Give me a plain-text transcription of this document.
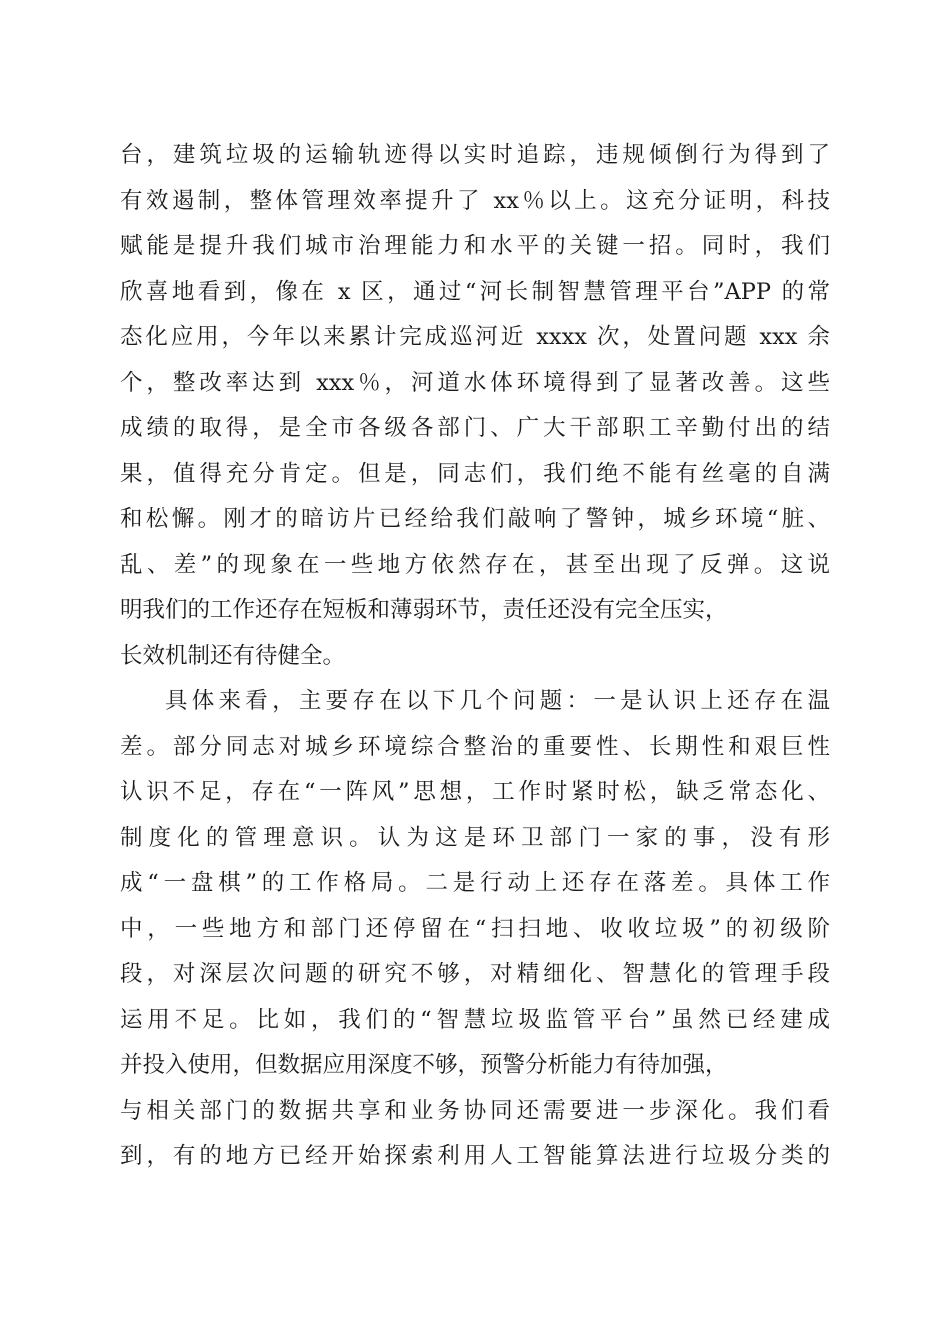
台，建筑垃圾的运输轨迹得以实时追踪，违规倾倒行为得到了
有效遏制，整体管理效率提升了 xx％以上。这充分证明，科技
赋能是提升我们城市治理能力和水平的关键一招。同时，我们
欣喜地看到，像在 x 区，通过“河长制智慧管理平台”APP 的常
态化应用，今年以来累计完成巡河近 xxxx 次，处置问题 xxx 余
个，整改率达到 xxx％，河道水体环境得到了显著改善。这些
成绩的取得，是全市各级各部门、广大干部职工辛勤付出的结
果，值得充分肯定。但是，同志们，我们绝不能有丝毫的自满
和松懈。刚才的暗访片已经给我们敲响了警钟，城乡环境“脏、
乱、差”的现象在一些地方依然存在，甚至出现了反弹。这说
明我们的工作还存在短板和薄弱环节，责任还没有完全压实，
长效机制还有待健全。
具体来看，主要存在以下几个问题：一是认识上还存在温
差。部分同志对城乡环境综合整治的重要性、长期性和艰巨性
认识不足，存在“一阵风”思想，工作时紧时松，缺乏常态化、
制度化的管理意识。认为这是环卫部门一家的事，没有形
成“一盘棋”的工作格局。二是行动上还存在落差。具体工作
中，一些地方和部门还停留在“扫扫地、收收垃圾”的初级阶
段，对深层次问题的研究不够，对精细化、智慧化的管理手段
运用不足。比如，我们的“智慧垃圾监管平台”虽然已经建成
并投入使用，但数据应用深度不够，预警分析能力有待加强，
与相关部门的数据共享和业务协同还需要进一步深化。我们看
到，有的地方已经开始探索利用人工智能算法进行垃圾分类的
